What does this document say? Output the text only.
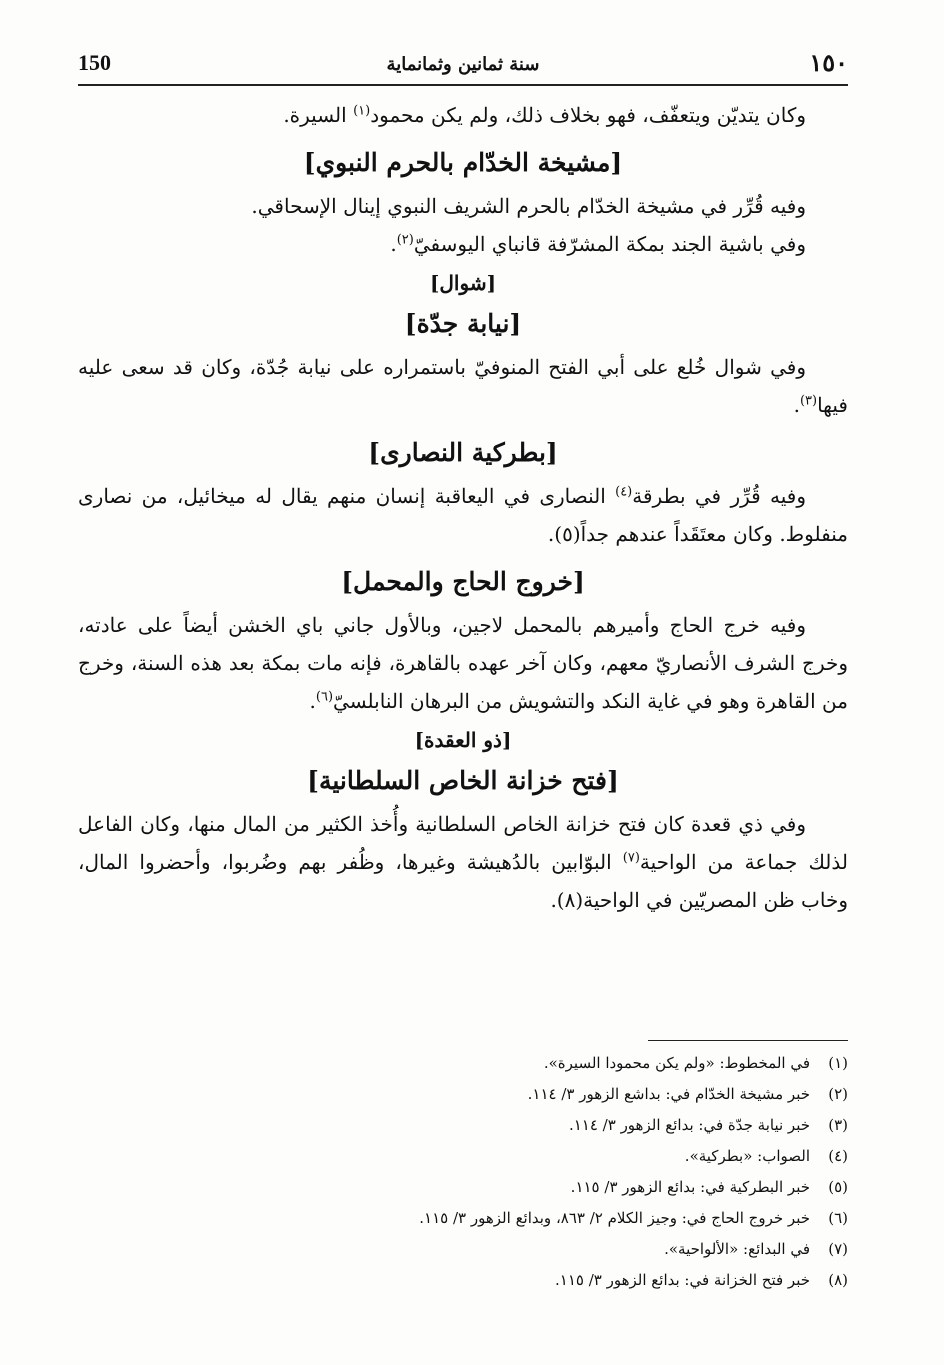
150	سنة ثمانين وثمانماية	١٥٠

وكان يتديّن ويتعفّف، فهو بخلاف ذلك، ولم يكن محمود$^{(١)}$ السيرة.

[مشيخة الخدّام بالحرم النبوي]

وفيه قُرِّر في مشيخة الخدّام بالحرم الشريف النبوي إينال الإسحاقي.

وفي باشية الجند بمكة المشرّفة قانباي اليوسفيّ$^{(٢)}$.

[شوال]
[نيابة جدّة]

وفي شوال خُلع على أبي الفتح المنوفيّ باستمراره على نيابة جُدّة، وكان قد سعى عليه فيها$^{(٣)}$.

[بطركية النصارى]

وفيه قُرِّر في بطرقة$^{(٤)}$ النصارى في اليعاقبة إنسان منهم يقال له ميخائيل، من نصارى منفلوط. وكان معتَقَداً عندهم جداً(٥).

[خروج الحاج والمحمل]

وفيه خرج الحاج وأميرهم بالمحمل لاجين، وبالأول جاني باي الخشن أيضاً على عادته، وخرج الشرف الأنصاريّ معهم، وكان آخر عهده بالقاهرة، فإنه مات بمكة بعد هذه السنة، وخرج من القاهرة وهو في غاية النكد والتشويش من البرهان النابلسيّ$^{(٦)}$.

[ذو العقدة]
[فتح خزانة الخاص السلطانية]

وفي ذي قعدة كان فتح خزانة الخاص السلطانية وأُخذ الكثير من المال منها، وكان الفاعل لذلك جماعة من الواحية$^{(٧)}$ البوّابين بالدُهيشة وغيرها، وظُفر بهم وضُربوا، وأحضروا المال، وخاب ظن المصريّين في الواحية(٨).

(١)
في المخطوط: «ولم يكن محمودا السيرة».
(٢)
خبر مشيخة الخدّام في: بداشع الزهور ٣/ ١١٤.
(٣)
خبر نيابة جدّة في: بدائع الزهور ٣/ ١١٤.
(٤)
الصواب: «بطركية».
(٥)
خبر البطركية في: بدائع الزهور ٣/ ١١٥.
(٦)
خبر خروج الحاج في: وجيز الكلام ٢/ ٨٦٣، وبدائع الزهور ٣/ ١١٥.
(٧)
في البدائع: «الألواحية».
(٨)
خبر فتح الخزانة في: بدائع الزهور ٣/ ١١٥.
